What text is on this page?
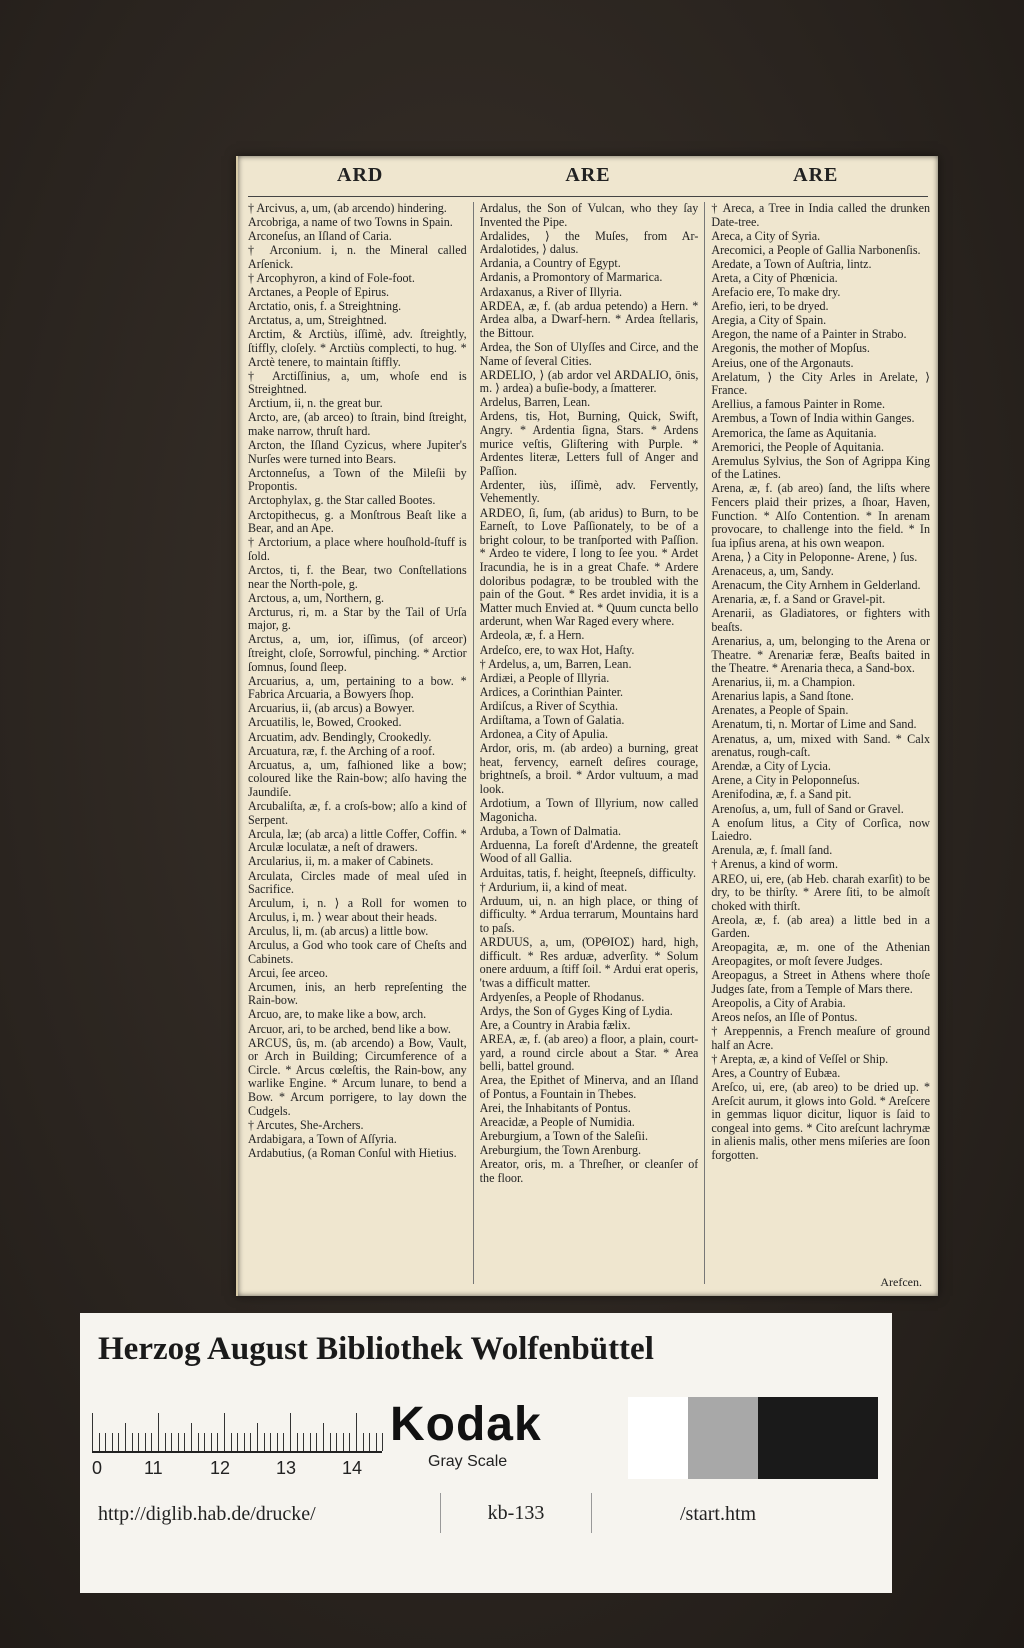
ARD	ARE	ARE

† Arcivus, a, um, (ab arcendo) hindering.

Arcobriga, a name of two Towns in Spain.

Arconeſus, an Iſland of Caria.

† Arconium. i, n. the Mineral called Arſenick.

† Arcophyron, a kind of Fole-foot.

Arctanes, a People of Epirus.

Arctatio, onis, f. a Streightning.

Arctatus, a, um, Streightned.

Arctim, & Arctiùs, iſſimè, adv. ſtreightly, ſtiffly, cloſely. * Arctiùs complecti, to hug. * Arctè tenere, to maintain ſtiffly.

† Arctiſſinius, a, um, whoſe end is Streightned.

Arctium, ii, n. the great bur.

Arcto, are, (ab arceo) to ſtrain, bind ſtreight, make narrow, thruſt hard.

Arcton, the Iſland Cyzicus, where Jupiter's Nurſes were turned into Bears.

Arctonneſus, a Town of the Mileſii by Propontis.

Arctophylax, g. the Star called Bootes.

Arctopithecus, g. a Monſtrous Beaſt like a Bear, and an Ape.

† Arctorium, a place where houſhold-ſtuff is ſold.

Arctos, ti, f. the Bear, two Conſtellations near the North-pole, g.

Arctous, a, um, Northern, g.

Arcturus, ri, m. a Star by the Tail of Urſa major, g.

Arctus, a, um, ior, iſſimus, (of arceor) ſtreight, cloſe, Sorrowful, pinching. * Arctior ſomnus, ſound ſleep.

Arcuarius, a, um, pertaining to a bow. * Fabrica Arcuaria, a Bowyers ſhop.

Arcuarius, ii, (ab arcus) a Bowyer.

Arcuatilis, le, Bowed, Crooked.

Arcuatim, adv. Bendingly, Crookedly.

Arcuatura, ræ, f. the Arching of a roof.

Arcuatus, a, um, faſhioned like a bow; coloured like the Rain-bow; alſo having the Jaundiſe.

Arcubaliſta, æ, f. a croſs-bow; alſo a kind of Serpent.

Arcula, læ; (ab arca) a little Coffer, Coffin. * Arculæ loculatæ, a neſt of drawers.

Arcularius, ii, m. a maker of Cabinets.

Arculata, Circles made of meal uſed in Sacrifice.

Arculum, i, n. ⟩ a Roll for women to Arculus, i, m. ⟩ wear about their heads.

Arculus, li, m. (ab arcus) a little bow.

Arculus, a God who took care of Cheſts and Cabinets.

Arcui, ſee arceo.

Arcumen, inis, an herb repreſenting the Rain-bow.

Arcuo, are, to make like a bow, arch.

Arcuor, ari, to be arched, bend like a bow.

ARCUS, ûs, m. (ab arcendo) a Bow, Vault, or Arch in Building; Circumference of a Circle. * Arcus cœleſtis, the Rain-bow, any warlike Engine. * Arcum lunare, to bend a Bow. * Arcum porrigere, to lay down the Cudgels.

† Arcutes, She-Archers.

Ardabigara, a Town of Aſſyria.

Ardabutius, (a Roman Conſul with Hietius.

Ardalus, the Son of Vulcan, who they ſay Invented the Pipe.

Ardalides, ⟩ the Muſes, from Ar- Ardalotides, ⟩ dalus.

Ardania, a Country of Egypt.

Ardanis, a Promontory of Marmarica.

Ardaxanus, a River of Illyria.

ARDEA, æ, f. (ab ardua petendo) a Hern. * Ardea alba, a Dwarf-hern. * Ardea ſtellaris, the Bittour.

Ardea, the Son of Ulyſſes and Circe, and the Name of ſeveral Cities.

ARDELIO, ⟩ (ab ardor vel ARDALIO, ōnis, m. ⟩ ardea) a buſie-body, a ſmatterer.

Ardelus, Barren, Lean.

Ardens, tis, Hot, Burning, Quick, Swift, Angry. * Ardentia ſigna, Stars. * Ardens murice veſtis, Gliſtering with Purple. * Ardentes literæ, Letters full of Anger and Paſſion.

Ardenter, iùs, iſſimè, adv. Fervently, Vehemently.

ARDEO, ſi, ſum, (ab aridus) to Burn, to be Earneſt, to Love Paſſionately, to be of a bright colour, to be tranſported with Paſſion. * Ardeo te videre, I long to ſee you. * Ardet Iracundia, he is in a great Chafe. * Ardere doloribus podagræ, to be troubled with the pain of the Gout. * Res ardet invidia, it is a Matter much Envied at. * Quum cuncta bello arderunt, when War Raged every where.

Ardeola, æ, f. a Hern.

Ardeſco, ere, to wax Hot, Haſty.

† Ardelus, a, um, Barren, Lean.

Ardiæi, a People of Illyria.

Ardices, a Corinthian Painter.

Ardiſcus, a River of Scythia.

Ardiſtama, a Town of Galatia.

Ardonea, a City of Apulia.

Ardor, oris, m. (ab ardeo) a burning, great heat, fervency, earneſt deſires courage, brightneſs, a broil. * Ardor vultuum, a mad look.

Ardotium, a Town of Illyrium, now called Magonicha.

Arduba, a Town of Dalmatia.

Arduenna, La foreſt d'Ardenne, the greateſt Wood of all Gallia.

Arduitas, tatis, f. height, ſteepneſs, difficulty.

† Ardurium, ii, a kind of meat.

Arduum, ui, n. an high place, or thing of difficulty. * Ardua terrarum, Mountains hard to paſs.

ARDUUS, a, um, (ΌΡΘΙΟΣ) hard, high, difficult. * Res arduæ, adverſity. * Solum onere arduum, a ſtiff ſoil. * Ardui erat operis, 'twas a difficult matter.

Ardyenſes, a People of Rhodanus.

Ardys, the Son of Gyges King of Lydia.

Are, a Country in Arabia fælix.

AREA, æ, f. (ab areo) a floor, a plain, court-yard, a round circle about a Star. * Area belli, battel ground.

Area, the Epithet of Minerva, and an Iſland of Pontus, a Fountain in Thebes.

Arei, the Inhabitants of Pontus.

Areacidæ, a People of Numidia.

Areburgium, a Town of the Saleſii.

Areburgium, the Town Arenburg.

Areator, oris, m. a Threſher, or cleanſer of the floor.

† Areca, a Tree in India called the drunken Date-tree.

Areca, a City of Syria.

Arecomici, a People of Gallia Narbonenſis.

Aredate, a Town of Auſtria, lintz.

Areta, a City of Phœnicia.

Arefacio ere, To make dry.

Arefio, ieri, to be dryed.

Aregia, a City of Spain.

Aregon, the name of a Painter in Strabo.

Aregonis, the mother of Mopſus.

Areius, one of the Argonauts.

Arelatum, ⟩ the City Arles in Arelate, ⟩ France.

Arellius, a famous Painter in Rome.

Arembus, a Town of India within Ganges.

Aremorica, the ſame as Aquitania.

Aremorici, the People of Aquitania.

Aremulus Sylvius, the Son of Agrippa King of the Latines.

Arena, æ, f. (ab areo) ſand, the liſts where Fencers plaid their prizes, a ſhoar, Haven, Function. * Alſo Contention. * In arenam provocare, to challenge into the field. * In ſua ipſius arena, at his own weapon.

Arena, ⟩ a City in Peloponne- Arene, ⟩ ſus.

Arenaceus, a, um, Sandy.

Arenacum, the City Arnhem in Gelderland.

Arenaria, æ, f. a Sand or Gravel-pit.

Arenarii, as Gladiatores, or fighters with beaſts.

Arenarius, a, um, belonging to the Arena or Theatre. * Arenariæ feræ, Beaſts baited in the Theatre. * Arenaria theca, a Sand-box.

Arenarius, ii, m. a Champion.

Arenarius lapis, a Sand ſtone.

Arenates, a People of Spain.

Arenatum, ti, n. Mortar of Lime and Sand.

Arenatus, a, um, mixed with Sand. * Calx arenatus, rough-caſt.

Arendæ, a City of Lycia.

Arene, a City in Peloponneſus.

Arenifodina, æ, f. a Sand pit.

Arenoſus, a, um, full of Sand or Gravel.

A enoſum litus, a City of Corſica, now Laiedro.

Arenula, æ, f. ſmall ſand.

† Arenus, a kind of worm.

AREO, ui, ere, (ab Heb. charah exarſit) to be dry, to be thirſty. * Arere ſiti, to be almoſt choked with thirſt.

Areola, æ, f. (ab area) a little bed in a Garden.

Areopagita, æ, m. one of the Athenian Areopagites, or moſt ſevere Judges.

Areopagus, a Street in Athens where thoſe Judges ſate, from a Temple of Mars there.

Areopolis, a City of Arabia.

Areos neſos, an Iſle of Pontus.

† Areppennis, a French meaſure of ground half an Acre.

† Arepta, æ, a kind of Veſſel or Ship.

Ares, a Country of Eubæa.

Areſco, ui, ere, (ab areo) to be dried up. * Areſcit aurum, it glows into Gold. * Areſcere in gemmas liquor dicitur, liquor is ſaid to congeal into gems. * Cito areſcunt lachrymæ in alienis malis, other mens miſeries are ſoon forgotten.

Arefcen.
Herzog August Bibliothek Wolfenbüttel
0 11	12	13	14
Kodak
Gray Scale
http://diglib.hab.de/drucke/	kb-133	/start.htm
